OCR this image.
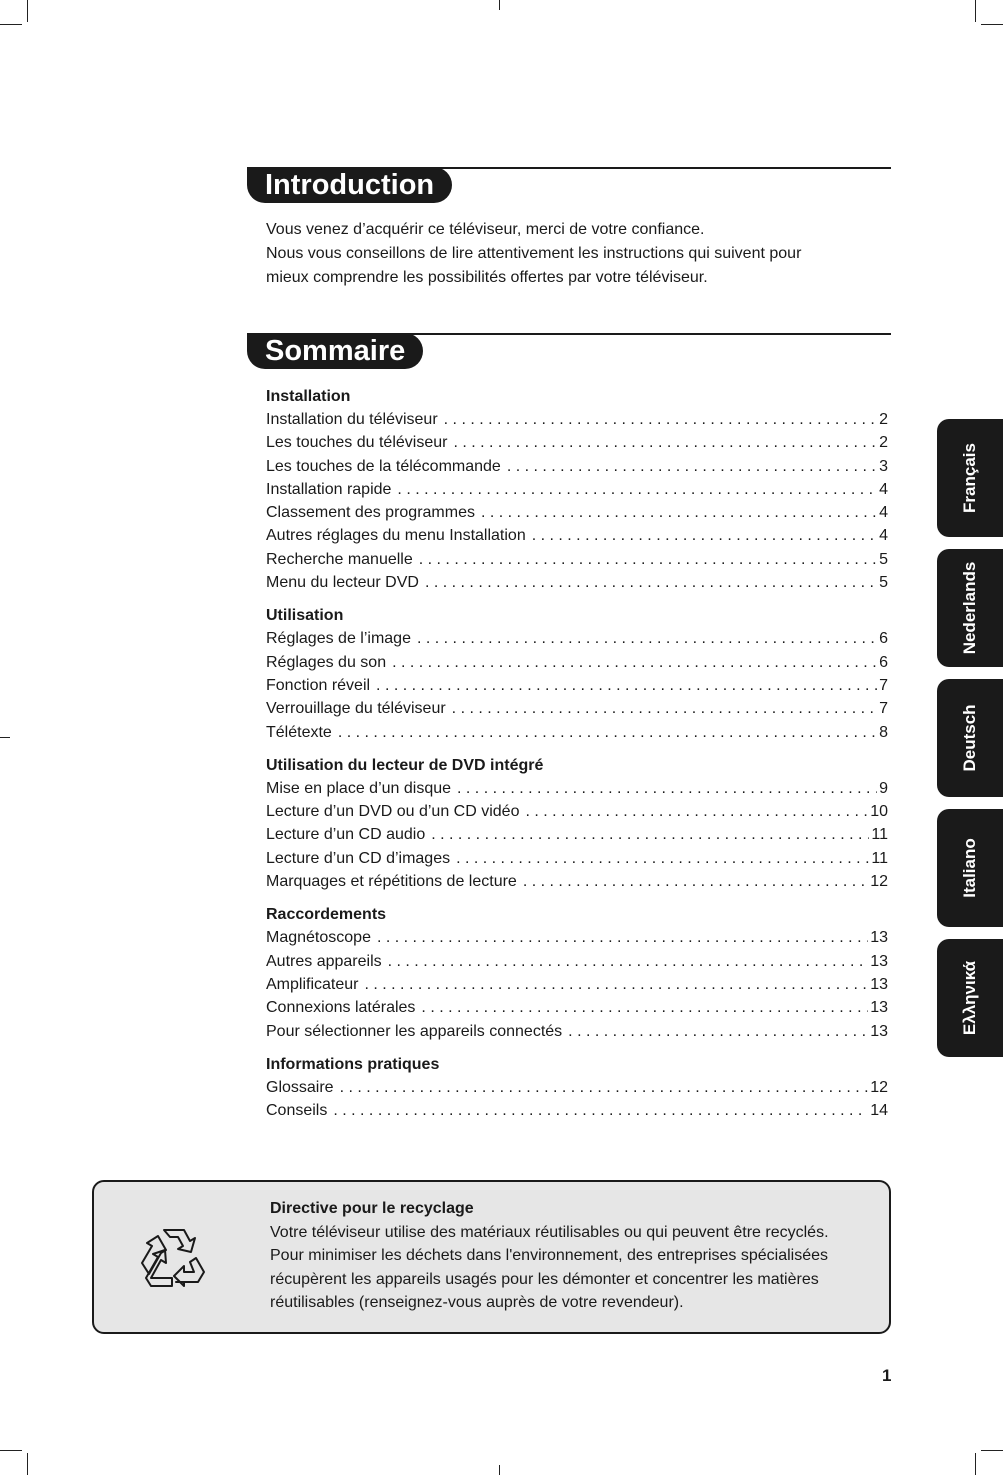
Introduction

Vous venez d’acquérir ce téléviseur, merci de votre confiance.

Nous vous conseillons de lire attentivement les instructions qui suivent pour

mieux comprendre les possibilités offertes par votre téléviseur.

Sommaire
Installation
Installation du téléviseur . . .	2
Les touches du téléviseur . . .	2
Les touches de la télécommande . . .	3
Installation rapide . . .	4
Classement des programmes . . .	4
Autres réglages du menu Installation . . .	4
Recherche manuelle . . .	5
Menu du lecteur DVD . . .	5
Utilisation
Réglages de l’image . . .	6
Réglages du son . . .	6
Fonction réveil . . .	7
Verrouillage du téléviseur . . .	7
Télétexte . . .	8
Utilisation du lecteur de DVD intégré
Mise en place d’un disque . . .	9
Lecture d’un DVD ou d’un CD vidéo . . .	10
Lecture d’un CD audio . . .	11
Lecture d’un CD d’images . . .	11
Marquages et répétitions de lecture . . .	12
Raccordements
Magnétoscope . . .	13
Autres appareils . . .	13
Amplificateur . . .	13
Connexions latérales . . .	13
Pour sélectionner les appareils connectés . . .	13
Informations pratiques
Glossaire . . .	12
Conseils . . .	14
Français
Nederlands
Deutsch
Italiano
Ελληνικά
Directive pour le recyclage
Votre téléviseur utilise des matériaux réutilisables ou qui peuvent être recyclés.
Pour minimiser les déchets dans l'environnement, des entreprises spécialisées
récupèrent les appareils usagés pour les démonter et concentrer les matières
réutilisables (renseignez-vous auprès de votre revendeur).
1
